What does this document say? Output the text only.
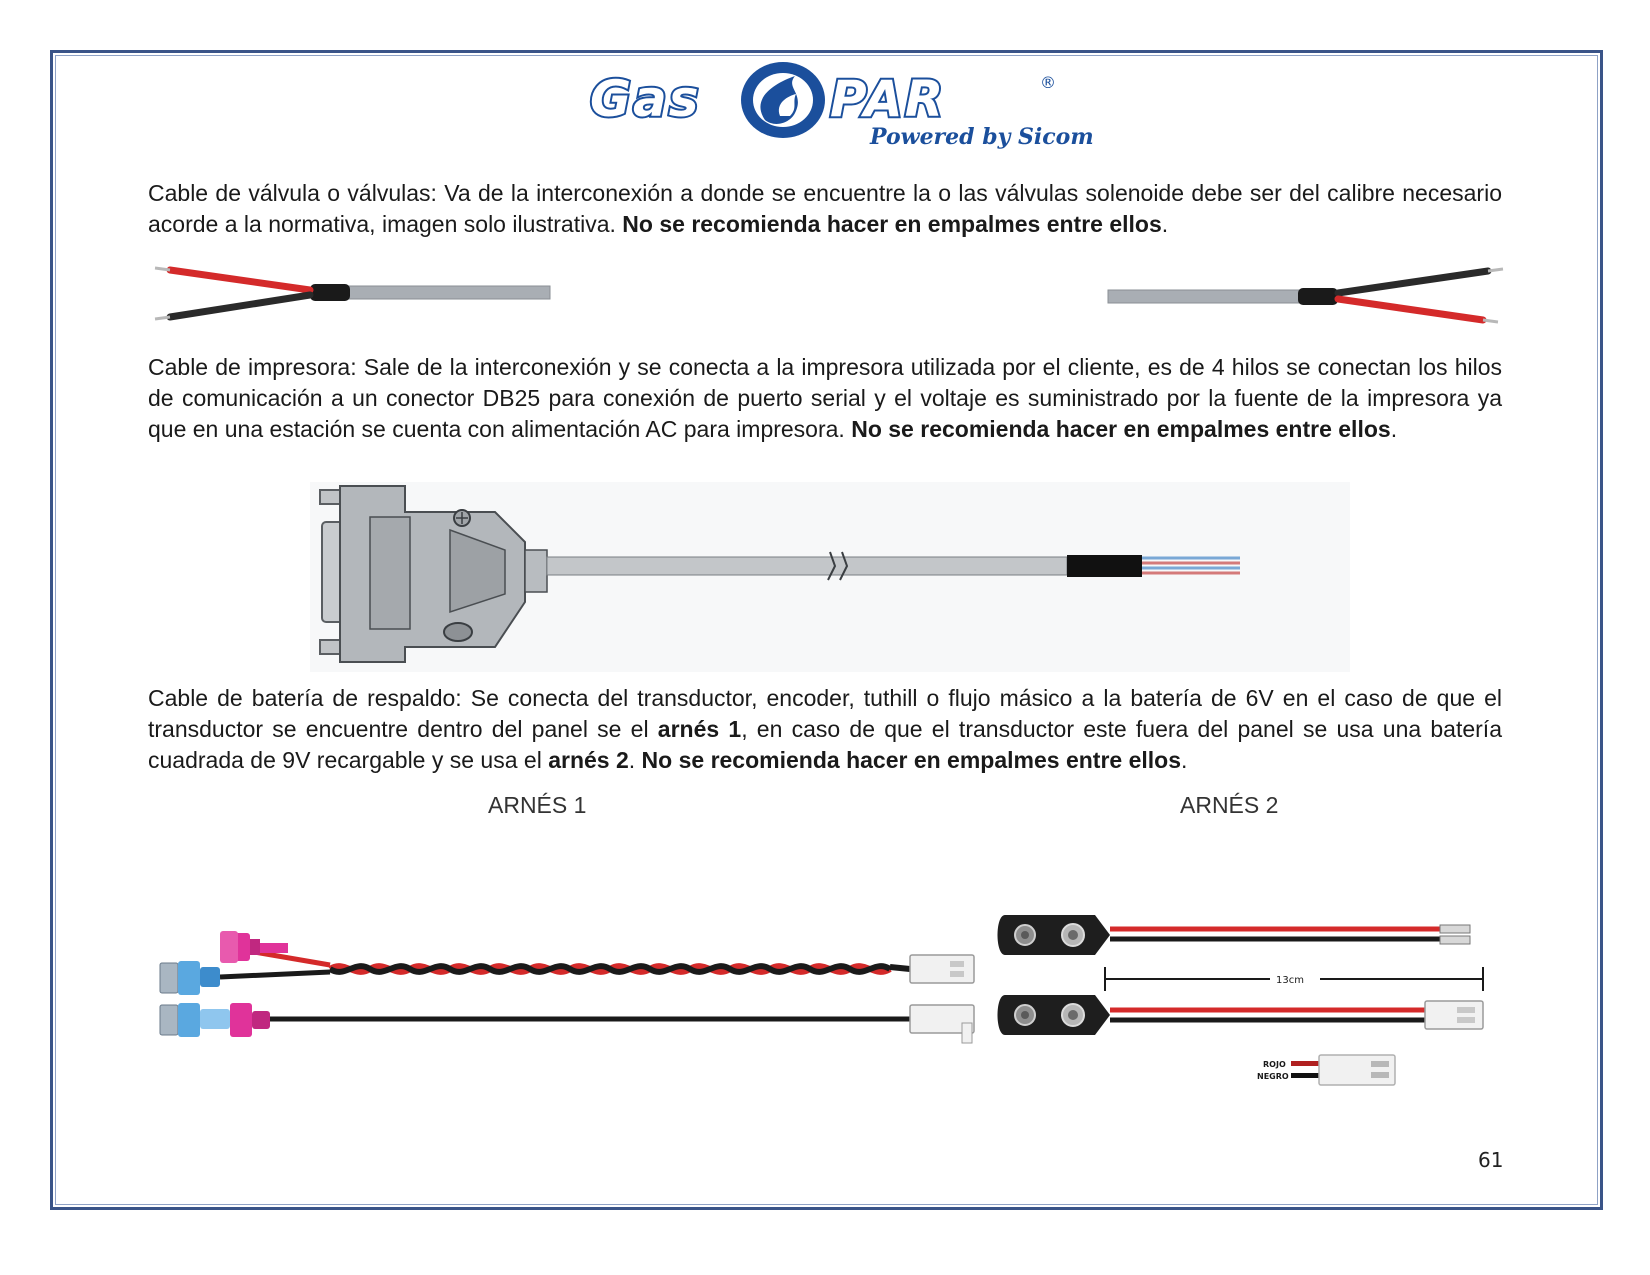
Gas	PAR	®
Powered by Sicom

Cable de válvula o válvulas: Va de la interconexión a donde se encuentre la o las válvulas solenoide debe ser del calibre necesario acorde a la normativa, imagen solo ilustrativa. No se recomienda hacer en empalmes entre ellos.

Cable de impresora: Sale de la interconexión y se conecta a la impresora utilizada por el cliente, es de 4 hilos se conectan los hilos de comunicación a un conector DB25 para conexión de puerto serial y el voltaje es suministrado por la fuente de la impresora ya que en una estación se cuenta con alimentación AC para impresora. No se recomienda hacer en empalmes entre ellos.

Cable de batería de respaldo: Se conecta del transductor, encoder, tuthill o flujo másico a la batería de 6V en el caso de que el transductor se encuentre dentro del panel se el arnés 1, en caso de que el transductor este fuera del panel se usa una batería cuadrada de 9V recargable y se usa el arnés 2. No se recomienda hacer en empalmes entre ellos.

ARNÉS 1	ARNÉS 2
13cm
ROJO
NEGRO
61
